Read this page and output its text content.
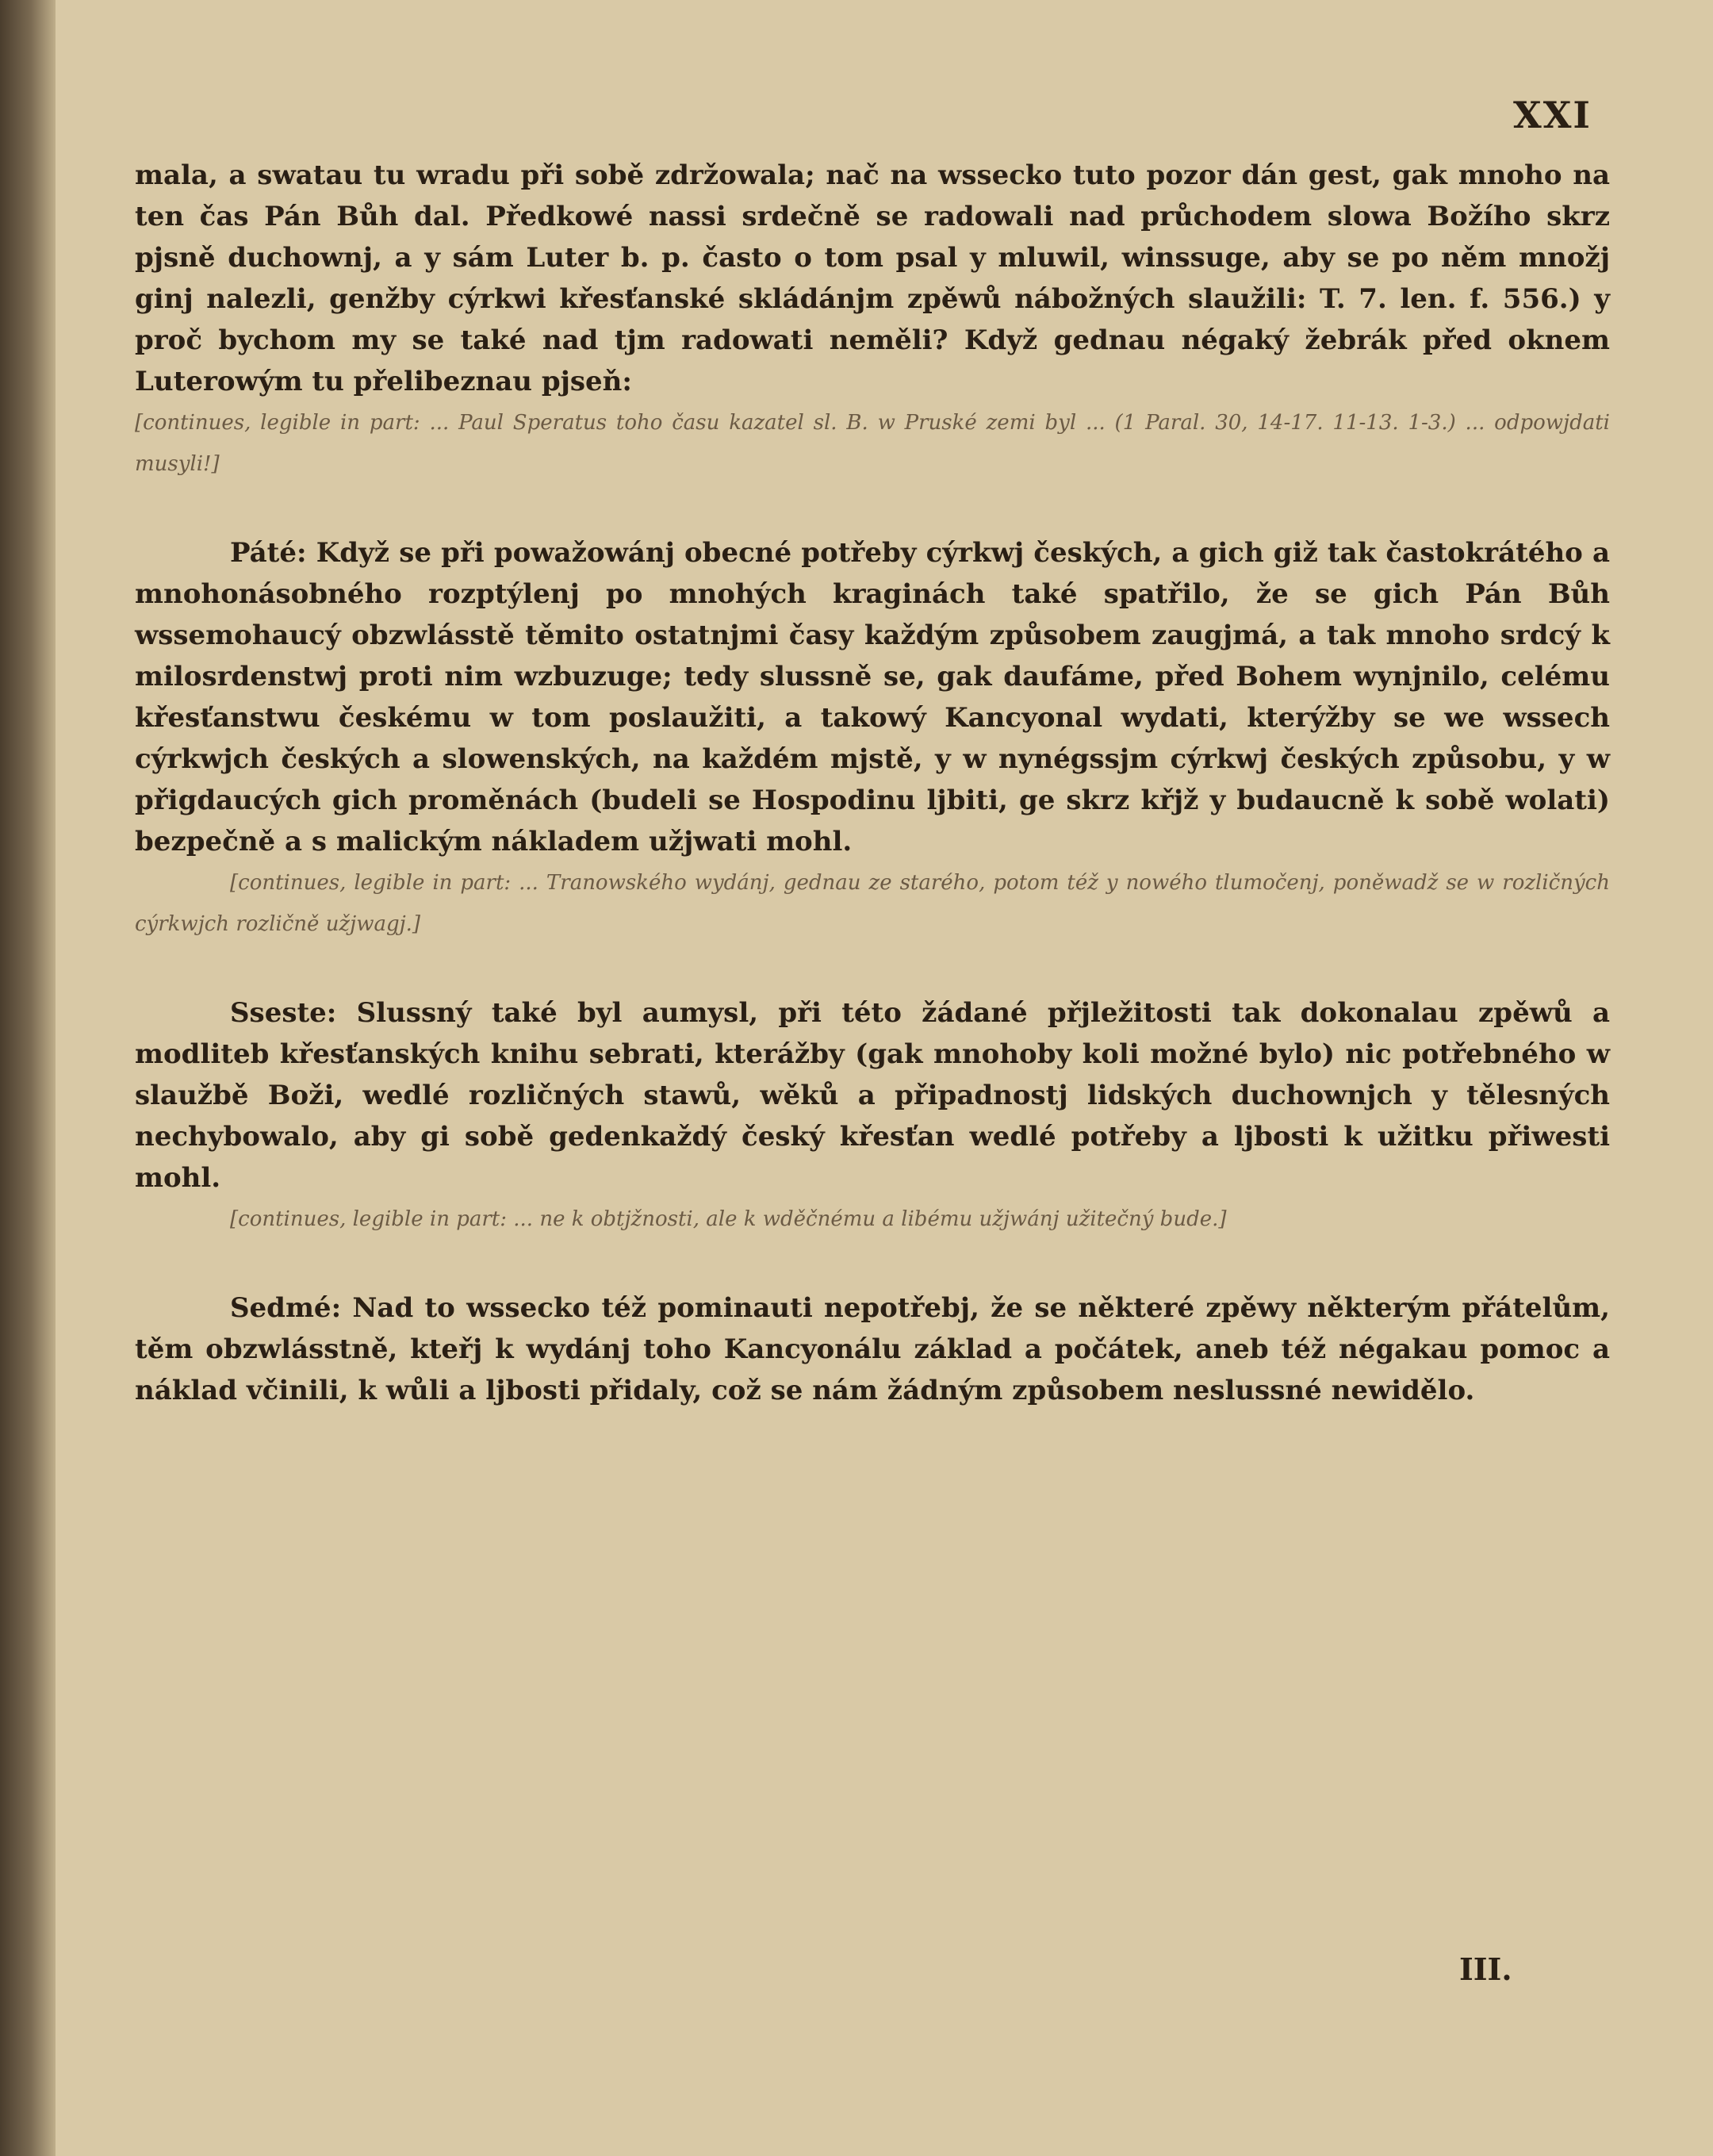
XXI

mala, a swatau tu wradu při sobě zdržowala; nač na wssecko tuto pozor dán gest, gak mnoho na ten čas Pán Bůh dal. Předkowé nassi srdečně se radowali nad průchodem slowa Božího skrz pjsně duchownj, a y sám Luter b. p. často o tom psal y mluwil, winssuge, aby se po něm množj ginj nalezli, genžby cýrkwi křesťanské skládánjm zpěwů nábožných slaužili: T. 7. len. f. 556.) y proč bychom my se také nad tjm radowati neměli? Když gednau négaký žebrák před oknem Luterowým tu přelibeznau pjseň:
[continues, legible in part: ... Paul Speratus toho času kazatel sl. B. w Pruské zemi byl ... (1 Paral. 30, 14-17. 11-13. 1-3.) ... odpowjdati musyli!]

Páté: Když se při powažowánj obecné potřeby cýrkwj českých, a gich giž tak častokrátého a mnohonásobného rozptýlenj po mnohých kraginách také spatřilo, že se gich Pán Bůh wssemohaucý obzwlásstě těmito ostatnjmi časy každým způsobem zaugjmá, a tak mnoho srdcý k milosrdenstwj proti nim wzbuzuge; tedy slussně se, gak daufáme, před Bohem wynjnilo, celému křesťanstwu českému w tom poslaužiti, a takowý Kancyonal wydati, kterýžby se we wssech cýrkwjch českých a slowenských, na každém mjstě, y w nynégssjm cýrkwj českých způsobu, y w přigdaucých gich proměnách (budeli se Hospodinu ljbiti, ge skrz křjž y budaucně k sobě wolati) bezpečně a s malickým nákladem užjwati mohl.
[continues, legible in part: ... Tranowského wydánj, gednau ze starého, potom též y nowého tlumočenj, poněwadž se w rozličných cýrkwjch rozličně užjwagj.]

Sseste: Slussný také byl aumysl, při této žádané přjležitosti tak dokonalau zpěwů a modliteb křesťanských knihu sebrati, kterážby (gak mnohoby koli možné bylo) nic potřebného w slaužbě Boži, wedlé rozličných stawů, wěků a připadnostj lidských duchownjch y tělesných nechybowalo, aby gi sobě gedenkaždý český křesťan wedlé potřeby a ljbosti k užitku přiwesti mohl.
[continues, legible in part: ... ne k obtjžnosti, ale k wděčnému a libému užjwánj užitečný bude.]

Sedmé: Nad to wssecko též pominauti nepotřebj, že se některé zpěwy některým přátelům, těm obzwlásstně, kteřj k wydánj toho Kancyonálu základ a počátek, aneb též négakau pomoc a náklad včinili, k wůli a ljbosti přidaly, což se nám žádným způsobem neslussné newidělo.

III.
